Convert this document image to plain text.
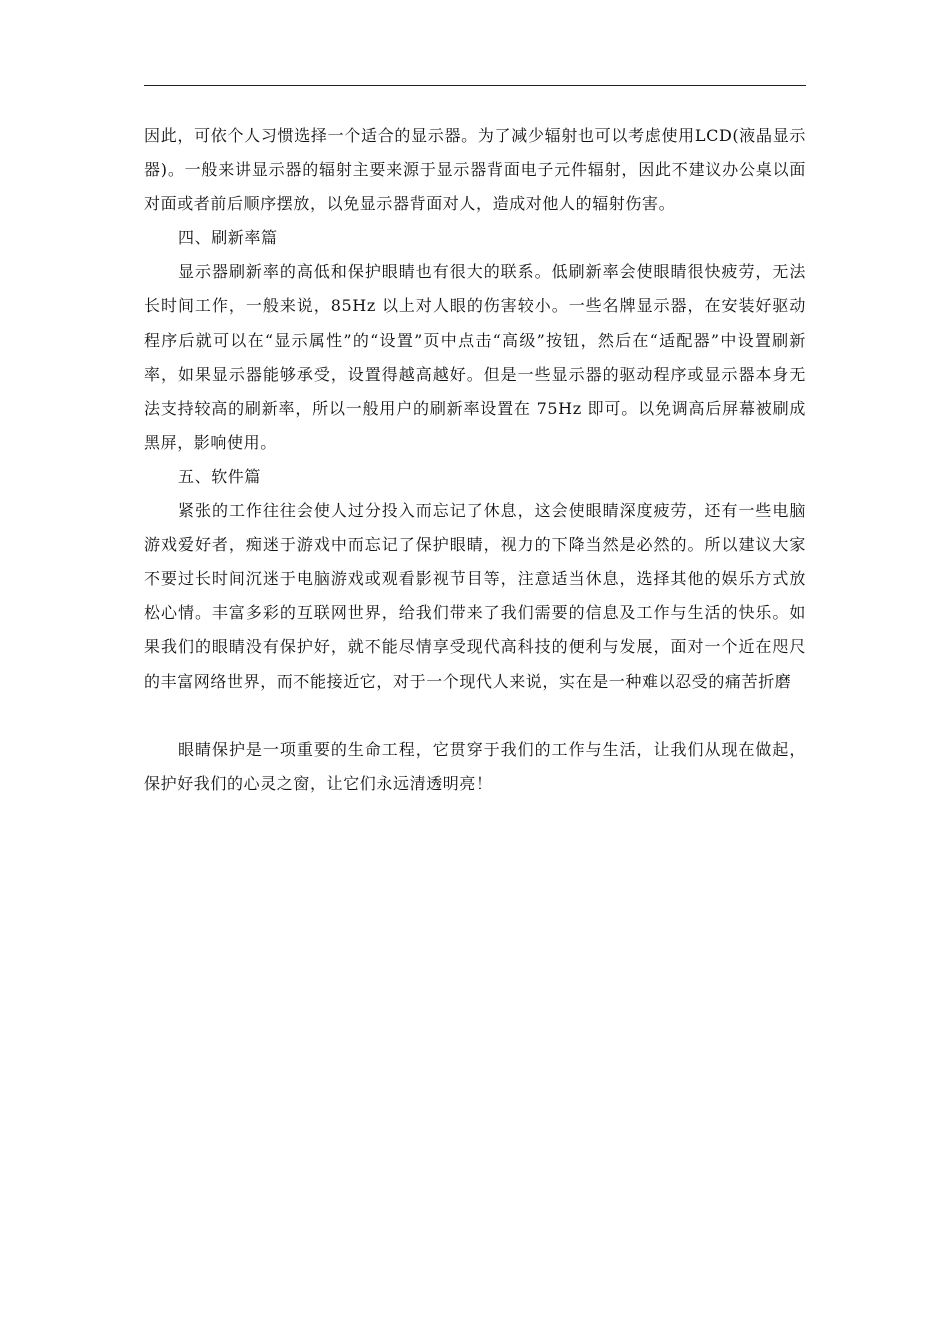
因此，可依个人习惯选择一个适合的显示器。为了减少辐射也可以考虑使用LCD(液晶显示器)。一般来讲显示器的辐射主要来源于显示器背面电子元件辐射，因此不建议办公桌以面对面或者前后顺序摆放，以免显示器背面对人，造成对他人的辐射伤害。

四、刷新率篇

显示器刷新率的高低和保护眼睛也有很大的联系。低刷新率会使眼睛很快疲劳，无法长时间工作，一般来说，85Hz 以上对人眼的伤害较小。一些名牌显示器，在安装好驱动程序后就可以在“显示属性”的“设置”页中点击“高级”按钮，然后在“适配器”中设置刷新率，如果显示器能够承受，设置得越高越好。但是一些显示器的驱动程序或显示器本身无法支持较高的刷新率，所以一般用户的刷新率设置在 75Hz 即可。以免调高后屏幕被刷成黑屏，影响使用。

五、软件篇

紧张的工作往往会使人过分投入而忘记了休息，这会使眼睛深度疲劳，还有一些电脑游戏爱好者，痴迷于游戏中而忘记了保护眼睛，视力的下降当然是必然的。所以建议大家不要过长时间沉迷于电脑游戏或观看影视节目等，注意适当休息，选择其他的娱乐方式放松心情。丰富多彩的互联网世界，给我们带来了我们需要的信息及工作与生活的快乐。如果我们的眼睛没有保护好，就不能尽情享受现代高科技的便利与发展，面对一个近在咫尺的丰富网络世界，而不能接近它，对于一个现代人来说，实在是一种难以忍受的痛苦折磨

眼睛保护是一项重要的生命工程，它贯穿于我们的工作与生活，让我们从现在做起，保护好我们的心灵之窗，让它们永远清透明亮！
